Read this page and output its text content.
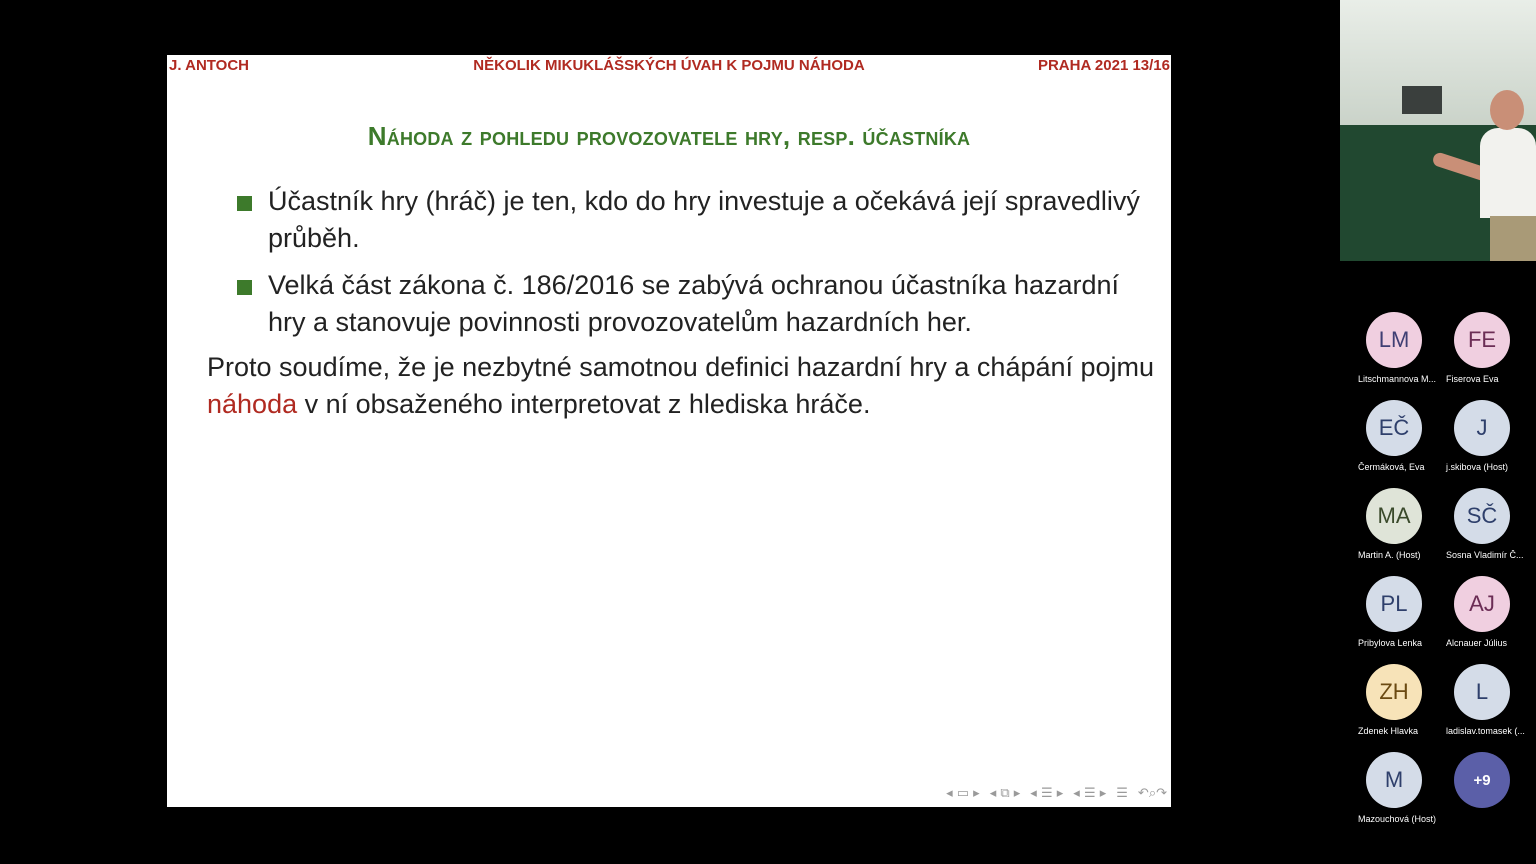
J. ANTOCH	NĚKOLIK MIKUKLÁŠSKÝCH ÚVAH K POJMU NÁHODA	PRAHA 2021 13/16
Náhoda z pohledu provozovatele hry, resp. účastníka
Účastník hry (hráč) je ten, kdo do hry investuje a očekává její spravedlivý průběh.
Velká část zákona č. 186/2016 se zabývá ochranou účastníka hazardní hry a stanovuje povinnosti provozovatelům hazardních her.
Proto soudíme, že je nezbytné samotnou definici hazardní hry a chápání pojmu náhoda v ní obsaženého interpretovat z hlediska hráče.
◂ ▭ ▸ ◂ ⧉ ▸ ◂ ☰ ▸ ◂ ☰ ▸ ☰ ↶⌕↷
LM
Litschmannova M...
FE
Fiserova Eva
EČ
Čermáková, Eva
J
j.skibova (Host)
MA
Martin A. (Host)
SČ
Sosna Vladimír Č...
PL
Pribylova Lenka
AJ
Alcnauer Július
ZH
Zdenek Hlavka
L
ladislav.tomasek (...
M
Mazouchová (Host)
+9
